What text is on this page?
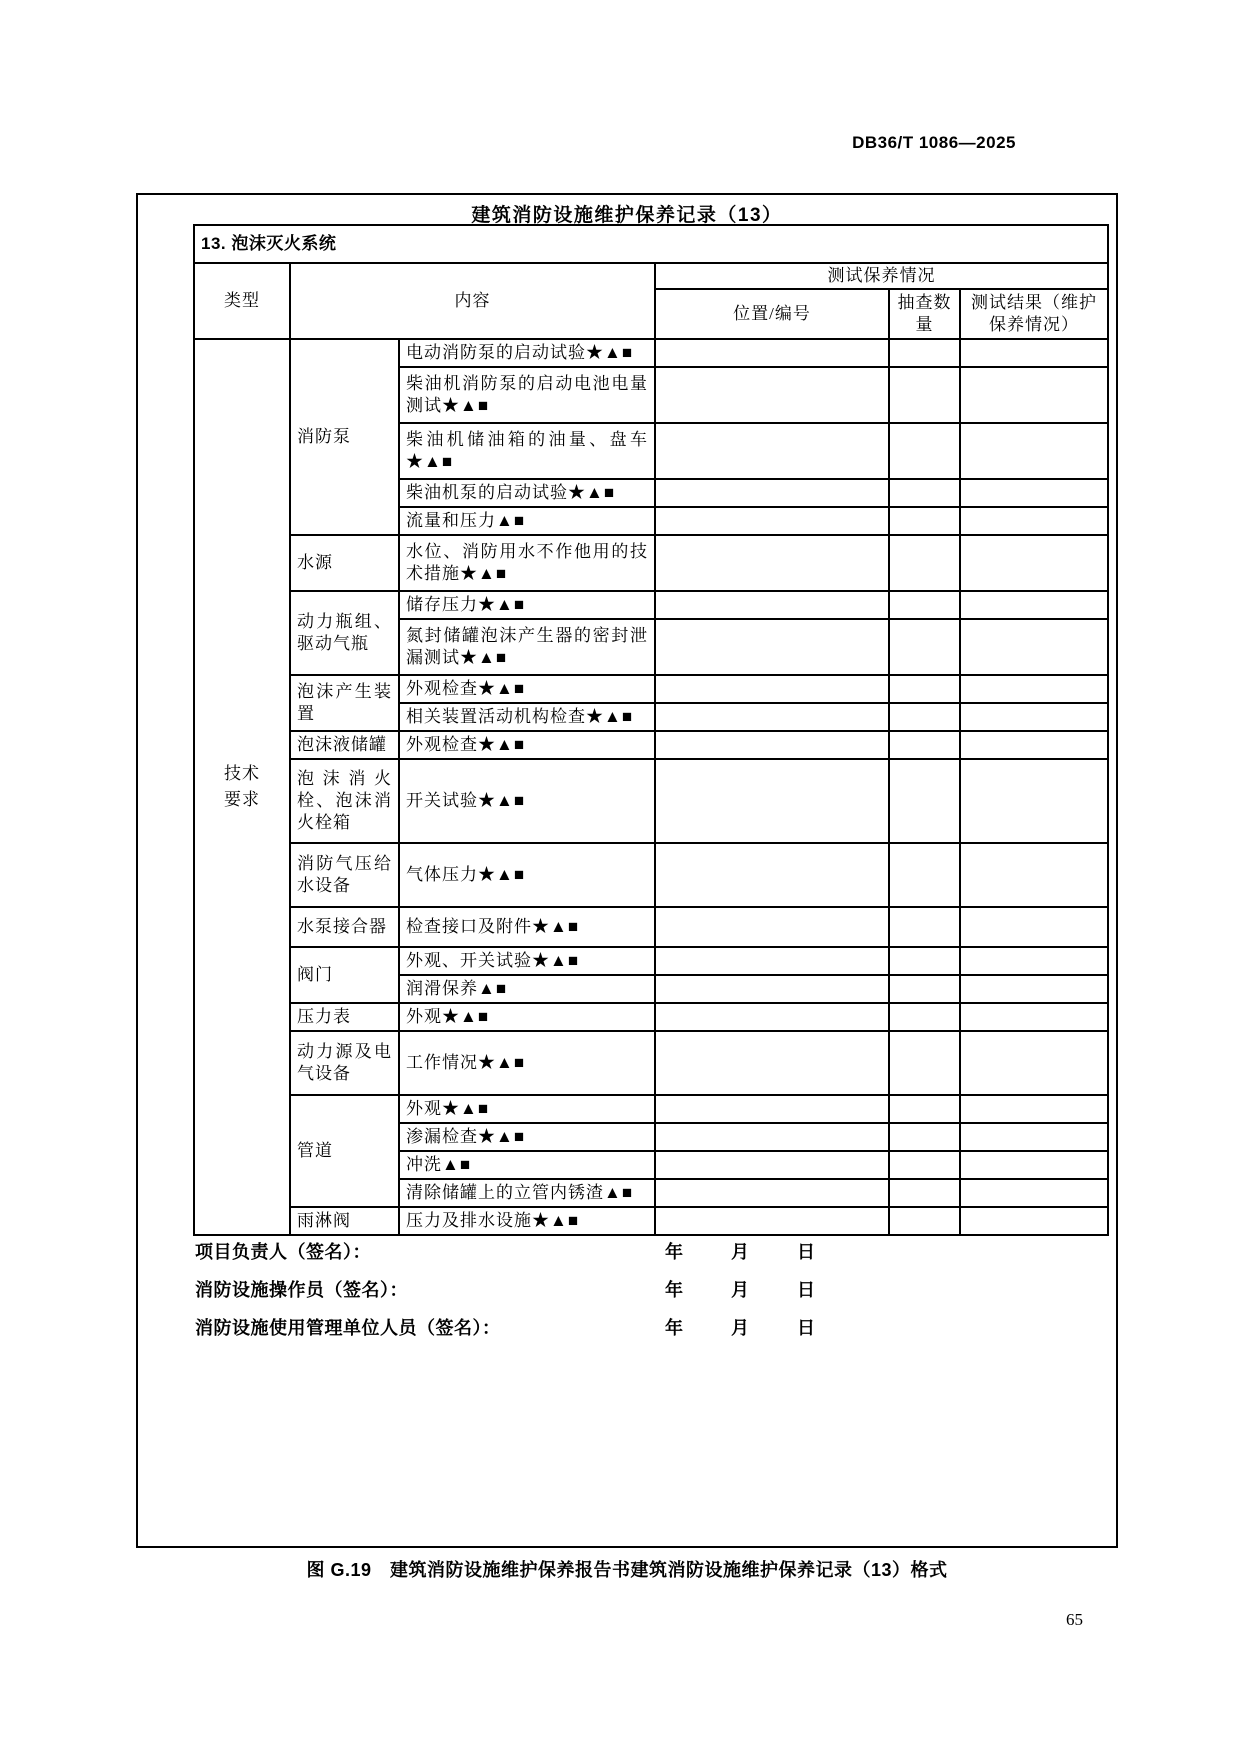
DB36/T 1086—2025
建筑消防设施维护保养记录（13）
13. 泡沫灭火系统					
类型	内容		测试保养情况		
			位置/编号	抽查数量	测试结果（维护保养情况）

技术要求	消防泵	电动消防泵的启动试验★▲■			
		柴油机消防泵的启动电池电量测试★▲■			
		柴油机储油箱的油量、盘车★▲■			
		柴油机泵的启动试验★▲■			
		流量和压力▲■			
	水源	水位、消防用水不作他用的技术措施★▲■			
	动力瓶组、驱动气瓶	储存压力★▲■			
		氮封储罐泡沫产生器的密封泄漏测试★▲■			
	泡沫产生装置	外观检查★▲■			
		相关装置活动机构检查★▲■			
	泡沫液储罐	外观检查★▲■			
	泡沫消火栓、泡沫消火栓箱	开关试验★▲■			
	消防气压给水设备	气体压力★▲■			
	水泵接合器	检查接口及附件★▲■			
	阀门	外观、开关试验★▲■			
		润滑保养▲■			
	压力表	外观★▲■			
	动力源及电气设备	工作情况★▲■			
	管道	外观★▲■			
		渗漏检查★▲■			
		冲洗▲■			
		清除储罐上的立管内锈渣▲■			
	雨淋阀	压力及排水设施★▲■			
项目负责人（签名）：	年	月	日
消防设施操作员（签名）：	年	月	日
消防设施使用管理单位人员（签名）：	年	月	日
图 G.19　建筑消防设施维护保养报告书建筑消防设施维护保养记录（13）格式
65
